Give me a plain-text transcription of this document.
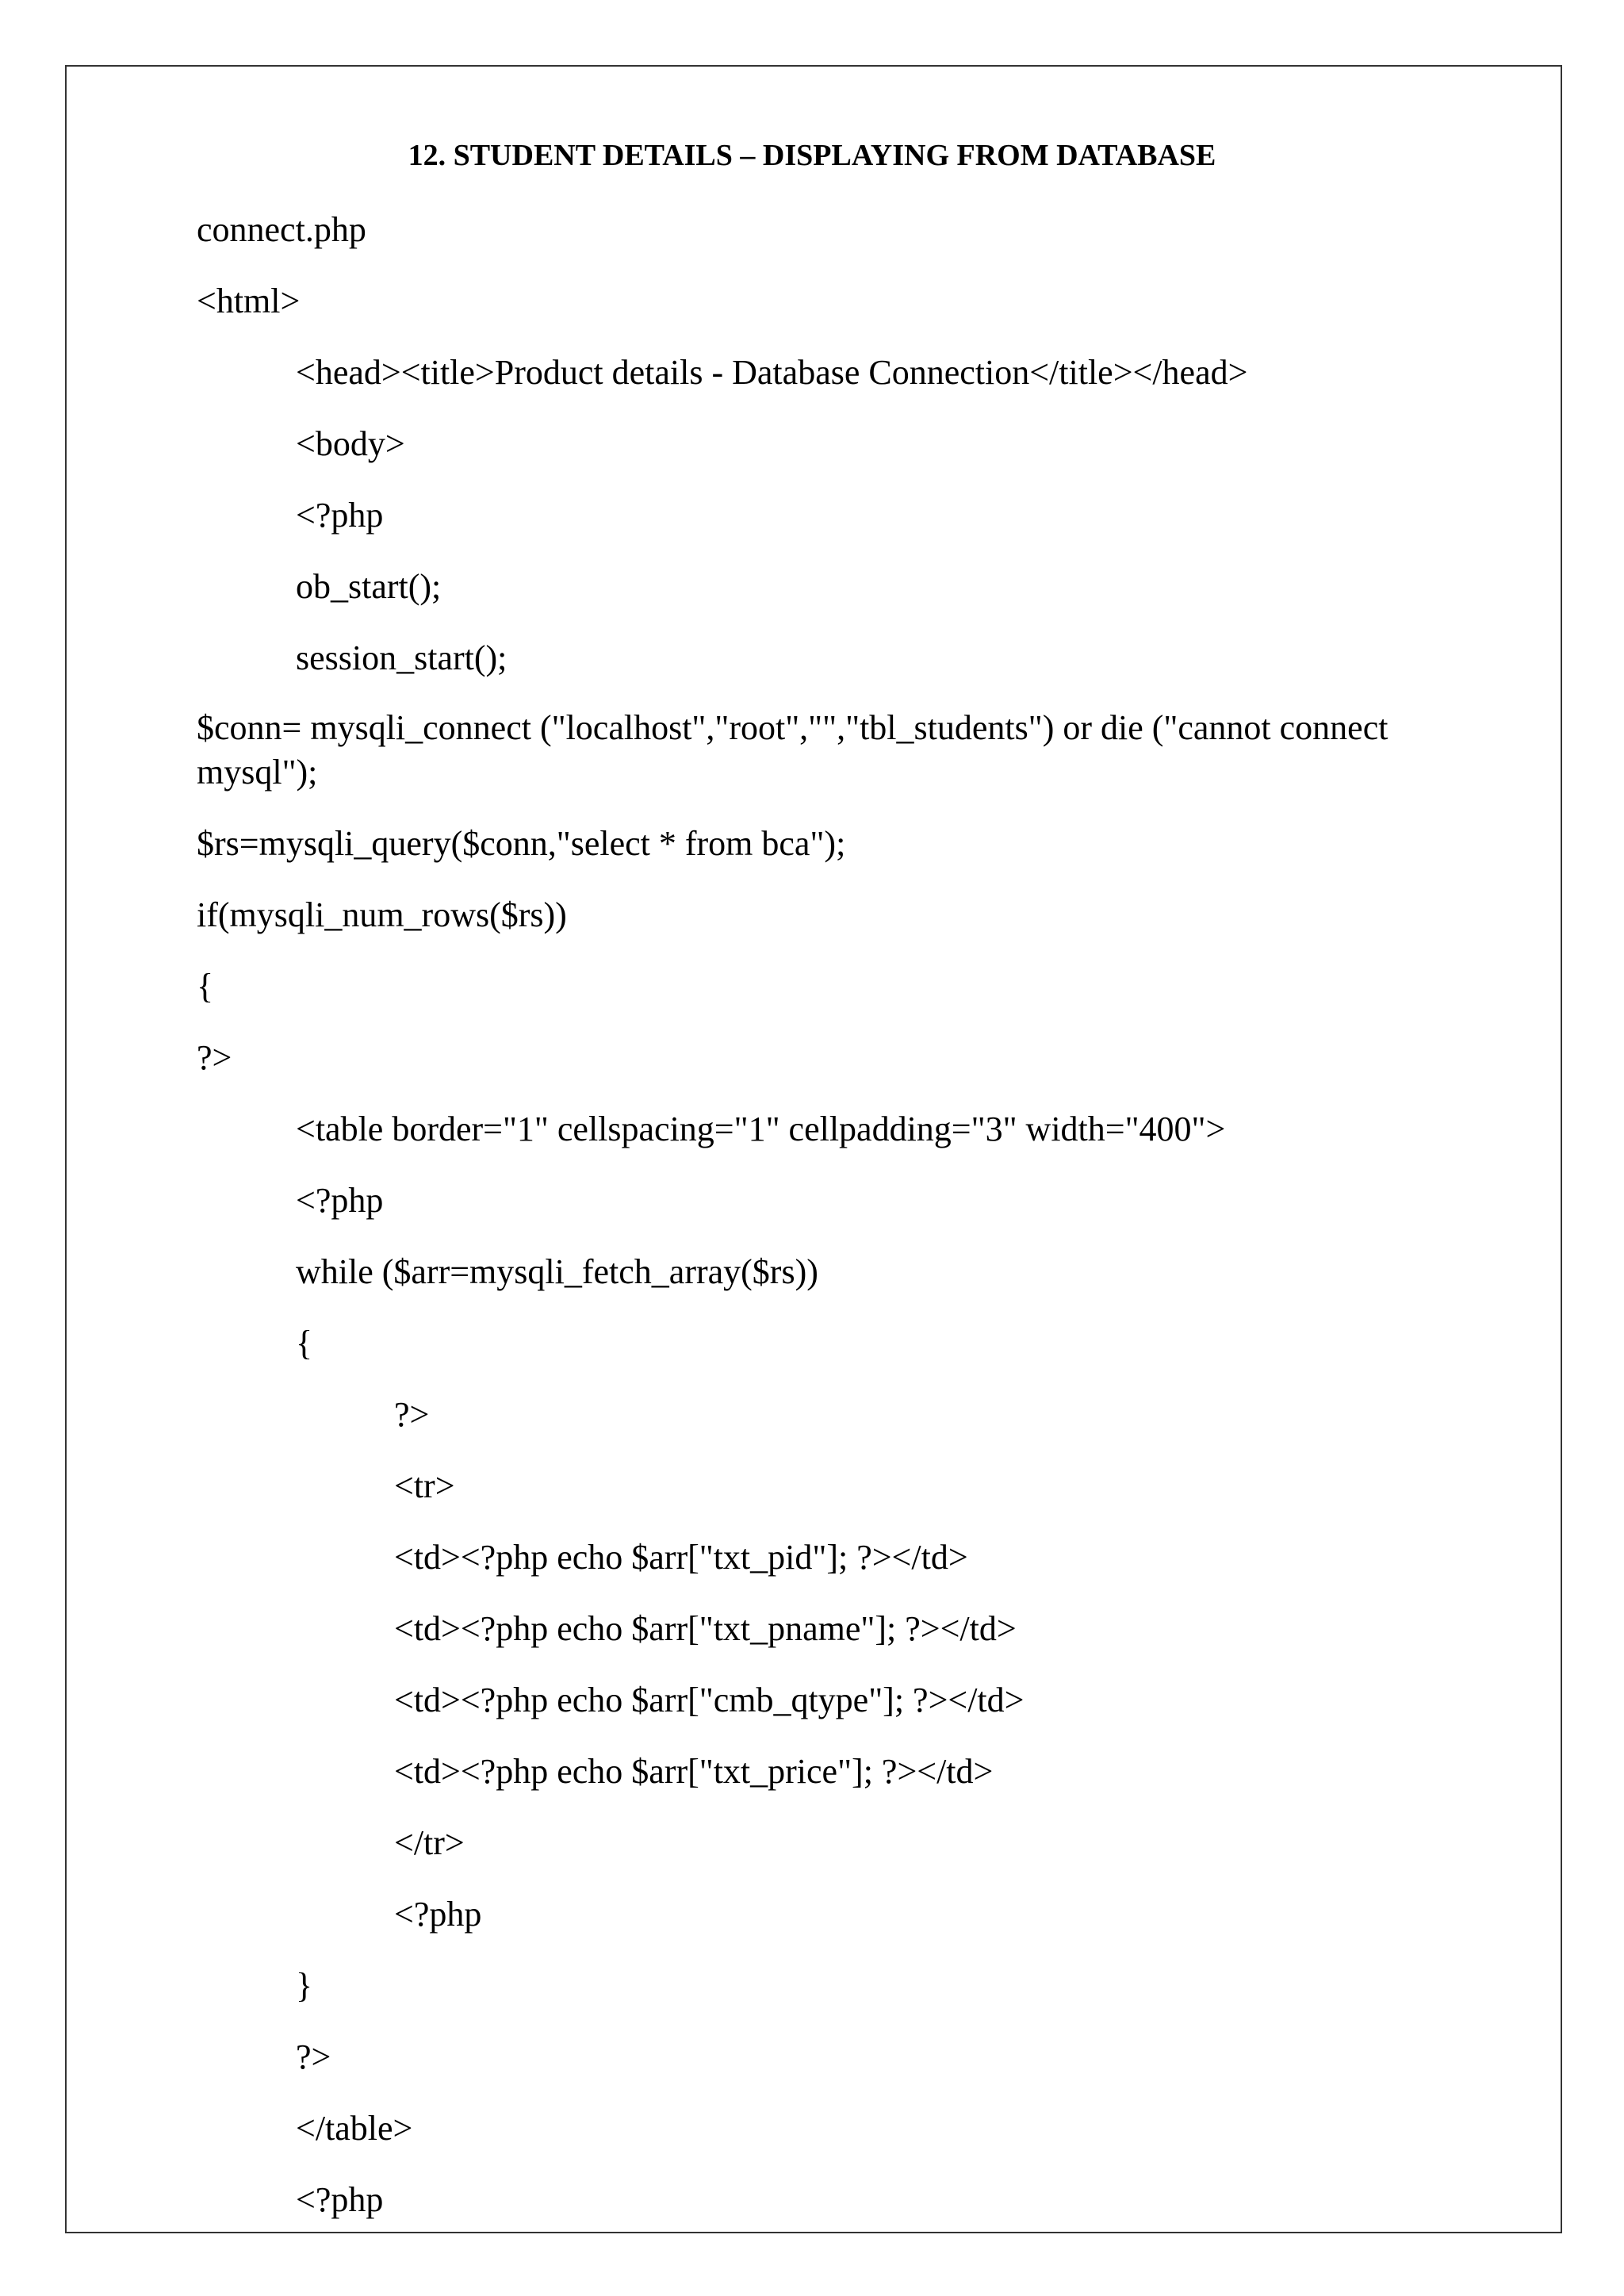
12. STUDENT DETAILS – DISPLAYING FROM DATABASE
connect.php
<html>
<head><title>Product details - Database Connection</title></head>
<body>
<?php
ob_start();
session_start();
$conn= mysqli_connect ("localhost","root","","tbl_students") or die ("cannot connect mysql");
$rs=mysqli_query($conn,"select * from bca");
if(mysqli_num_rows($rs))
{
?>
<table border="1" cellspacing="1" cellpadding="3" width="400">
<?php
while ($arr=mysqli_fetch_array($rs))
{
?>
<tr>
<td><?php echo $arr["txt_pid"]; ?></td>
<td><?php echo $arr["txt_pname"]; ?></td>
<td><?php echo $arr["cmb_qtype"]; ?></td>
<td><?php echo $arr["txt_price"]; ?></td>
</tr>
<?php
}
?>
</table>
<?php
